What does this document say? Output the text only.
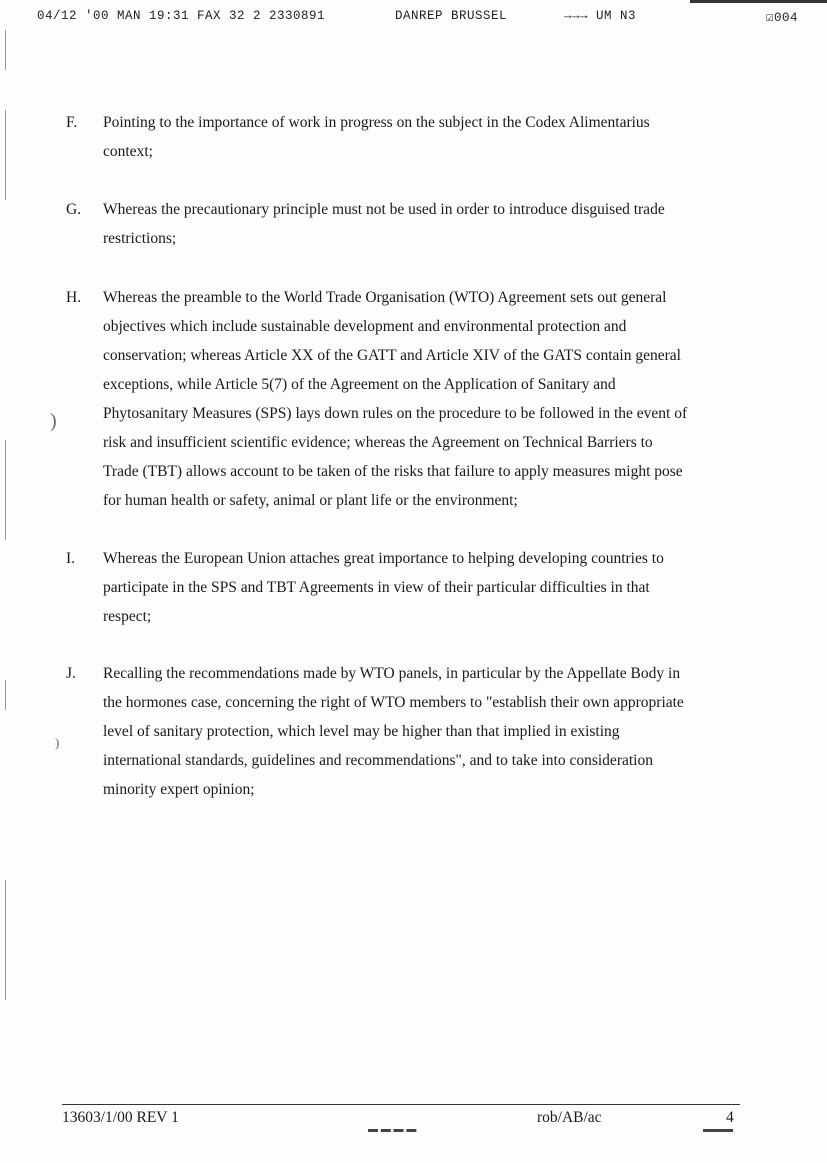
)
)
04/12 '00 MAN 19:31 FAX 32 2 2330891	DANREP BRUSSEL	→→→ UM N3	☑004
F. Pointing to the importance of work in progress on the subject in the Codex Alimentarius
context;
G. Whereas the precautionary principle must not be used in order to introduce disguised trade
restrictions;
H. Whereas the preamble to the World Trade Organisation (WTO) Agreement sets out general
objectives which include sustainable development and environmental protection and
conservation; whereas Article XX of the GATT and Article XIV of the GATS contain general
exceptions, while Article 5(7) of the Agreement on the Application of Sanitary and
Phytosanitary Measures (SPS) lays down rules on the procedure to be followed in the event of
risk and insufficient scientific evidence; whereas the Agreement on Technical Barriers to
Trade (TBT) allows account to be taken of the risks that failure to apply measures might pose
for human health or safety, animal or plant life or the environment;
I. Whereas the European Union attaches great importance to helping developing countries to
participate in the SPS and TBT Agreements in view of their particular difficulties in that
respect;
J. Recalling the recommendations made by WTO panels, in particular by the Appellate Body in
the hormones case, concerning the right of WTO members to "establish their own appropriate
level of sanitary protection, which level may be higher than that implied in existing
international standards, guidelines and recommendations", and to take into consideration
minority expert opinion;
13603/1/00 REV 1	rob/AB/ac	4
▬ ▬ ▬ ▬	▬▬▬
